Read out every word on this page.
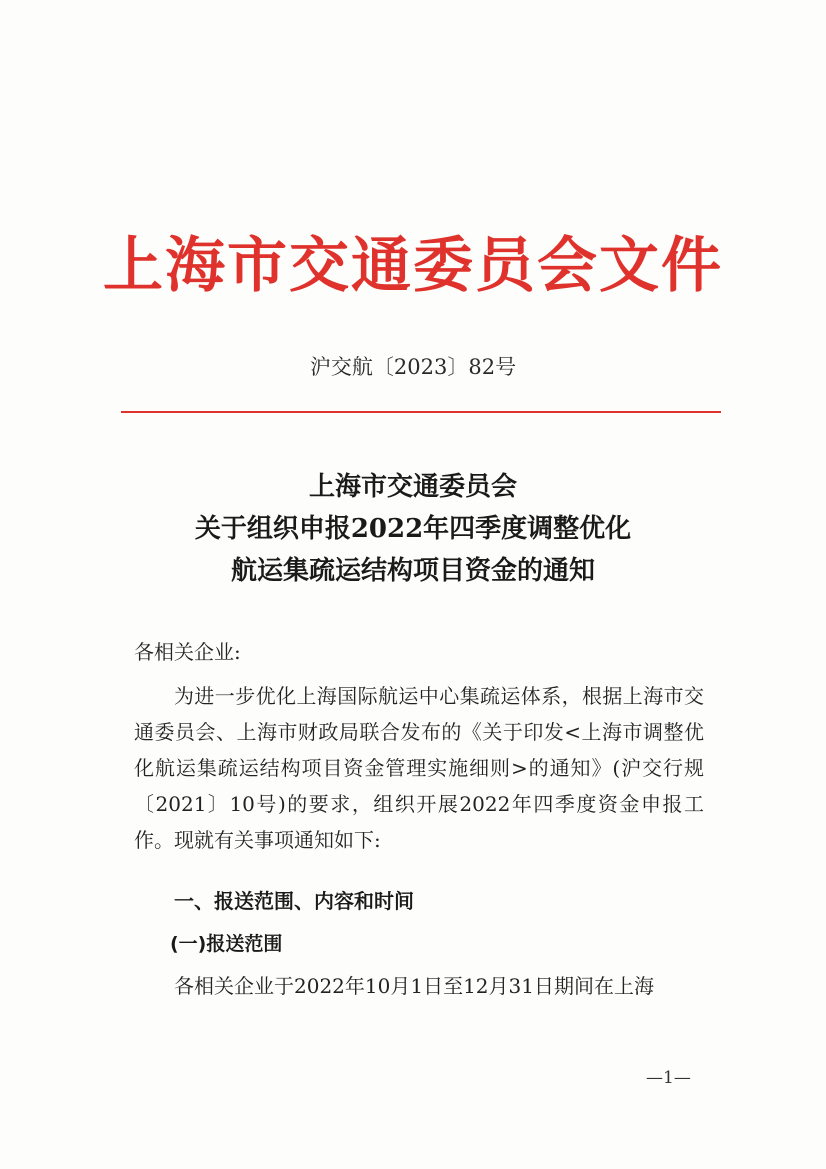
上海市交通委员会文件
沪交航〔2023〕82号
上海市交通委员会
关于组织申报2022年四季度调整优化
航运集疏运结构项目资金的通知
各相关企业:
为进一步优化上海国际航运中心集疏运体系，根据上海市交通委员会、上海市财政局联合发布的《关于印发<上海市调整优化航运集疏运结构项目资金管理实施细则>的通知》(沪交行规〔2021〕10号)的要求，组织开展2022年四季度资金申报工作。现就有关事项通知如下:
一、报送范围、内容和时间
(一)报送范围
各相关企业于2022年10月1日至12月31日期间在上海
—1—
